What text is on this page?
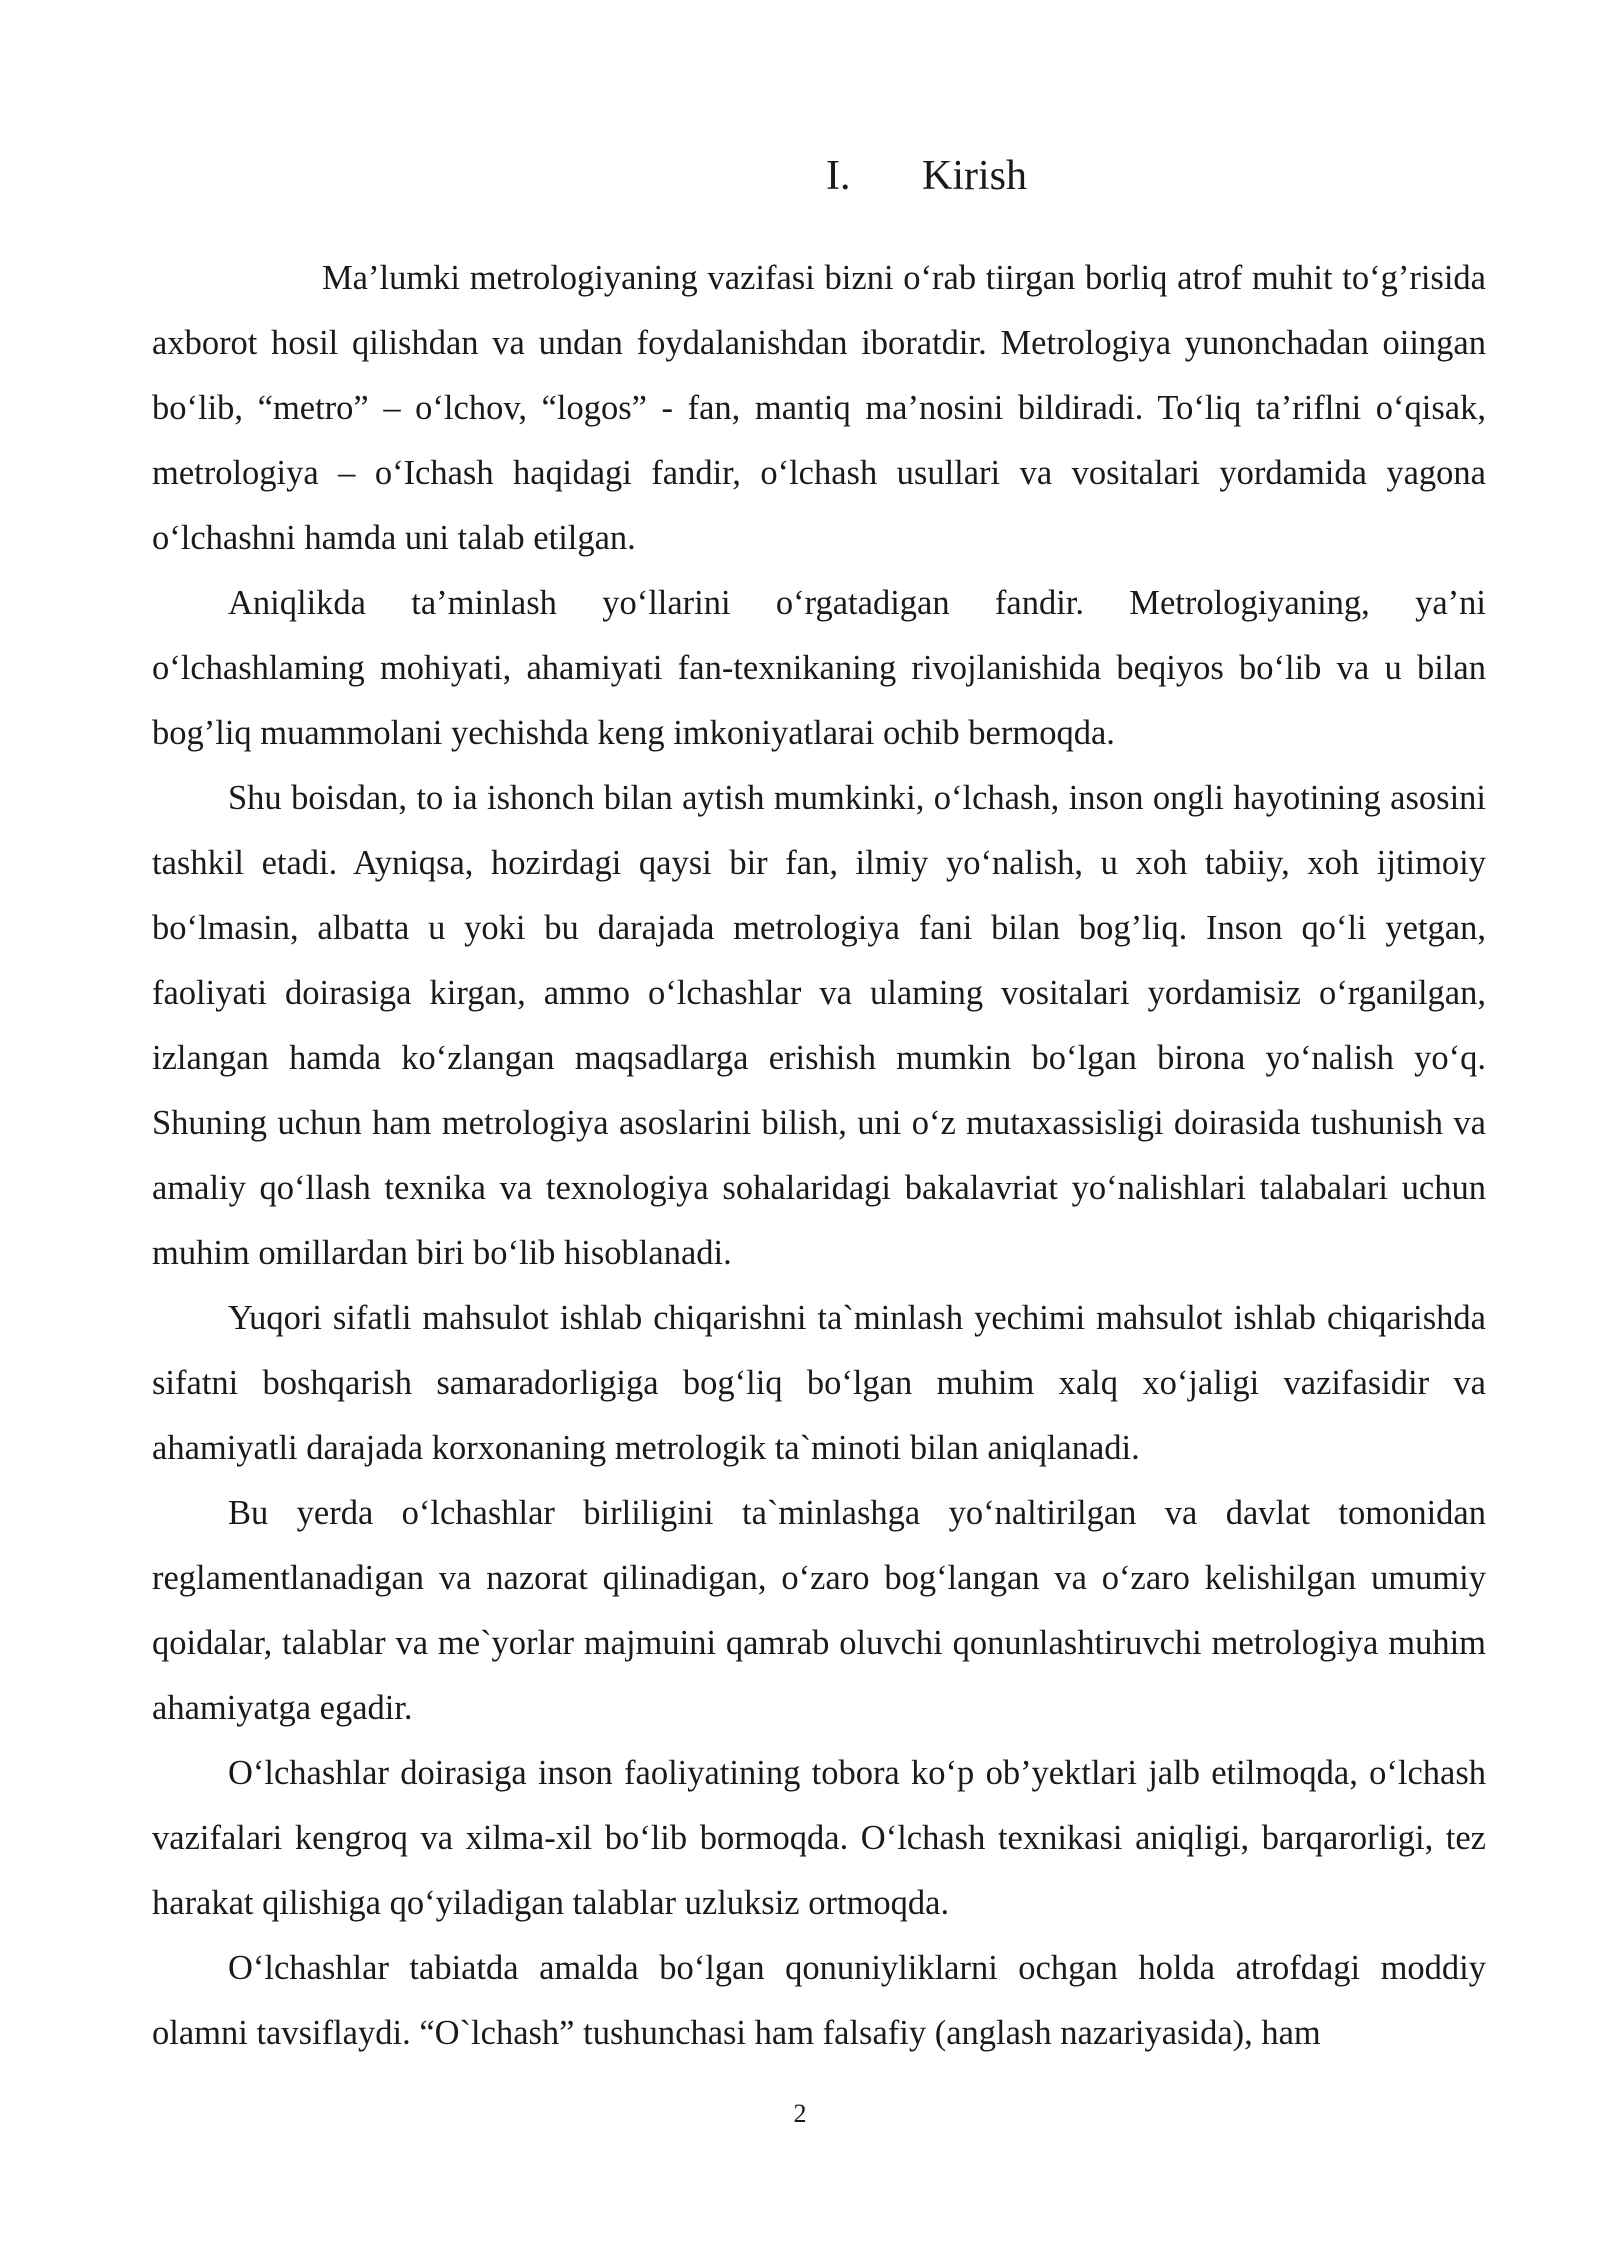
I. Kirish

Ma’lumki metrologiyaning vazifasi bizni o‘rab tiirgan borliq atrof muhit to‘g’risida axborot hosil qilishdan va undan foydalanishdan iboratdir. Metrologiya yunonchadan oiingan bo‘lib, “metro” – o‘lchov, “logos” - fan, mantiq ma’nosini bildiradi. To‘liq ta’riflni o‘qisak, metrologiya – o‘Ichash haqidagi fandir, o‘lchash usullari va vositalari yordamida yagona o‘lchashni hamda uni talab etilgan.

Aniqlikda ta’minlash yo‘llarini o‘rgatadigan fandir. Metrologiyaning, ya’ni o‘lchashlaming mohiyati, ahamiyati fan-texnikaning rivojlanishida beqiyos bo‘lib va u bilan bog’liq muammolani yechishda keng imkoniyatlarai ochib bermoqda.

Shu boisdan, to ia ishonch bilan aytish mumkinki, o‘lchash, inson ongli hayotining asosini tashkil etadi. Ayniqsa, hozirdagi qaysi bir fan, ilmiy yo‘nalish, u xoh tabiiy, xoh ijtimoiy bo‘lmasin, albatta u yoki bu darajada metrologiya fani bilan bog’liq. Inson qo‘li yetgan, faoliyati doirasiga kirgan, ammo o‘lchashlar va ulaming vositalari yordamisiz o‘rganilgan, izlangan hamda ko‘zlangan maqsadlarga erishish mumkin bo‘lgan birona yo‘nalish yo‘q. Shuning uchun ham metrologiya asoslarini bilish, uni o‘z mutaxassisligi doirasida tushunish va amaliy qo‘llash texnika va texnologiya sohalaridagi bakalavriat yo‘nalishlari talabalari uchun muhim omillardan biri bo‘lib hisoblanadi.

Yuqori sifatli mahsulot ishlab chiqarishni ta`minlash yechimi mahsulot ishlab chiqarishda sifatni boshqarish samaradorligiga bog‘liq bo‘lgan muhim xalq xo‘jaligi vazifasidir va ahamiyatli darajada korxonaning metrologik ta`minoti bilan aniqlanadi.

Bu yerda o‘lchashlar birliligini ta`minlashga yo‘naltirilgan va davlat tomonidan reglamentlanadigan va nazorat qilinadigan, o‘zaro bog‘langan va o‘zaro kelishilgan umumiy qoidalar, talablar va me`yorlar majmuini qamrab oluvchi qonunlashtiruvchi metrologiya muhim ahamiyatga egadir.

O‘lchashlar doirasiga inson faoliyatining tobora ko‘p ob’yektlari jalb etilmoqda, o‘lchash vazifalari kengroq va xilma-xil bo‘lib bormoqda. O‘lchash texnikasi aniqligi, barqarorligi, tez harakat qilishiga qo‘yiladigan talablar uzluksiz ortmoqda.

O‘lchashlar tabiatda amalda bo‘lgan qonuniyliklarni ochgan holda atrofdagi moddiy olamni tavsiflaydi. “O`lchash” tushunchasi ham falsafiy (anglash nazariyasida), ham

2
